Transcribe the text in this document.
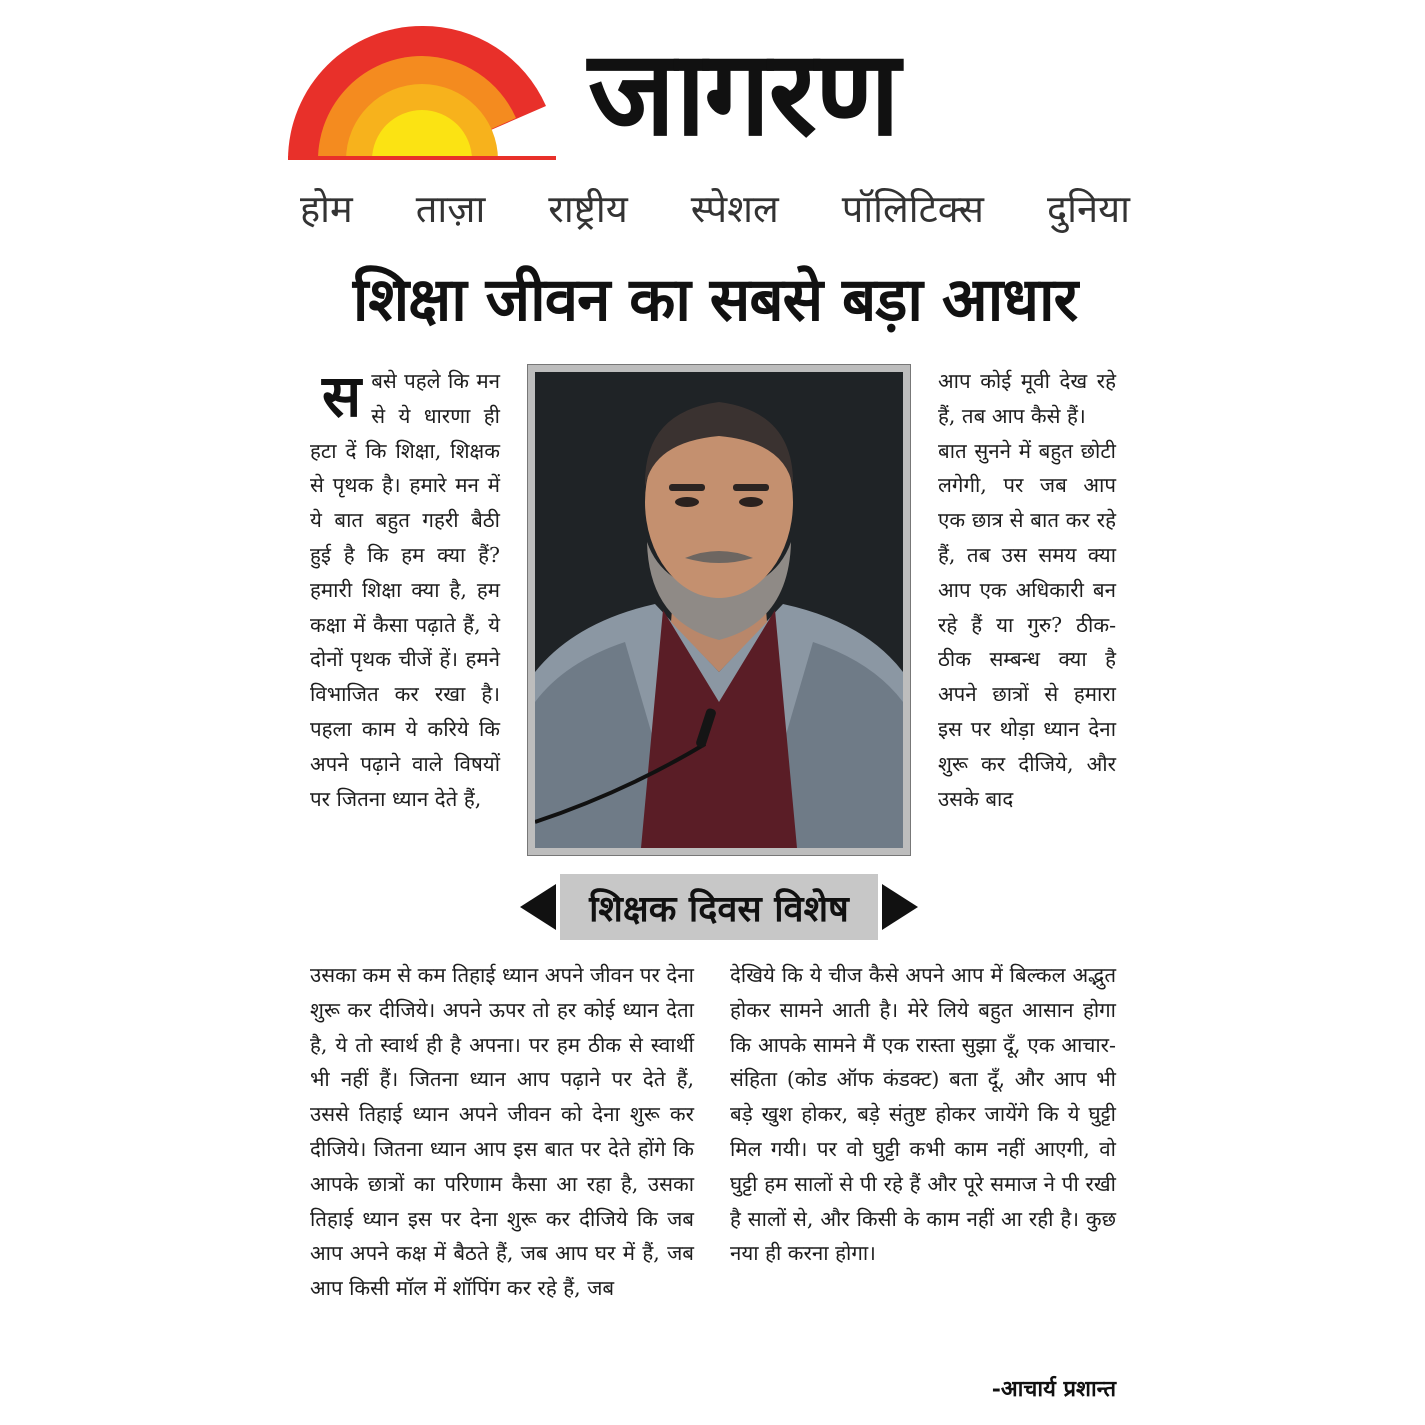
जागरण
होम ताज़ा राष्ट्रीय स्पेशल पॉलिटिक्स दुनिया
शिक्षा जीवन का सबसे बड़ा आधार
स बसे पहले कि मन से ये धारणा ही हटा दें कि शिक्षा, शिक्षक से पृथक है। हमारे मन में ये बात बहुत गहरी बैठी हुई है कि हम क्या हैं? हमारी शिक्षा क्या है, हम कक्षा में कैसा पढ़ाते हैं, ये दोनों पृथक चीजें हें। हमने विभाजित कर रखा है। पहला काम ये करिये कि अपने पढ़ाने वाले विषयों पर जितना ध्यान देते हैं,

आप कोई मूवी देख रहे हैं, तब आप कैसे हैं।

बात सुनने में बहुत छोटी लगेगी, पर जब आप एक छात्र से बात कर रहे हैं, तब उस समय क्या आप एक अधिकारी बन रहे हैं या गुरु? ठीक-ठीक सम्बन्ध क्या है अपने छात्रों से हमारा इस पर थोड़ा ध्यान देना शुरू कर दीजिये, और उसके बाद

शिक्षक दिवस विशेष

उसका कम से कम तिहाई ध्यान अपने जीवन पर देना शुरू कर दीजिये। अपने ऊपर तो हर कोई ध्यान देता है, ये तो स्वार्थ ही है अपना। पर हम ठीक से स्वार्थी भी नहीं हैं। जितना ध्यान आप पढ़ाने पर देते हैं, उससे तिहाई ध्यान अपने जीवन को देना शुरू कर दीजिये। जितना ध्यान आप इस बात पर देते होंगे कि आपके छात्रों का परिणाम कैसा आ रहा है, उसका तिहाई ध्यान इस पर देना शुरू कर दीजिये कि जब आप अपने कक्ष में बैठते हैं, जब आप घर में हैं, जब आप किसी मॉल में शॉपिंग कर रहे हैं, जब

देखिये कि ये चीज कैसे अपने आप में बिल्कल अद्भुत होकर सामने आती है। मेरे लिये बहुत आसान होगा कि आपके सामने मैं एक रास्ता सुझा दूँ, एक आचार-संहिता (कोड ऑफ कंडक्ट) बता दूँ, और आप भी बड़े खुश होकर, बड़े संतुष्ट होकर जायेंगे कि ये घुट्टी मिल गयी। पर वो घुट्टी कभी काम नहीं आएगी, वो घुट्टी हम सालों से पी रहे हैं और पूरे समाज ने पी रखी है सालों से, और किसी के काम नहीं आ रही है। कुछ नया ही करना होगा।

-आचार्य प्रशान्त
